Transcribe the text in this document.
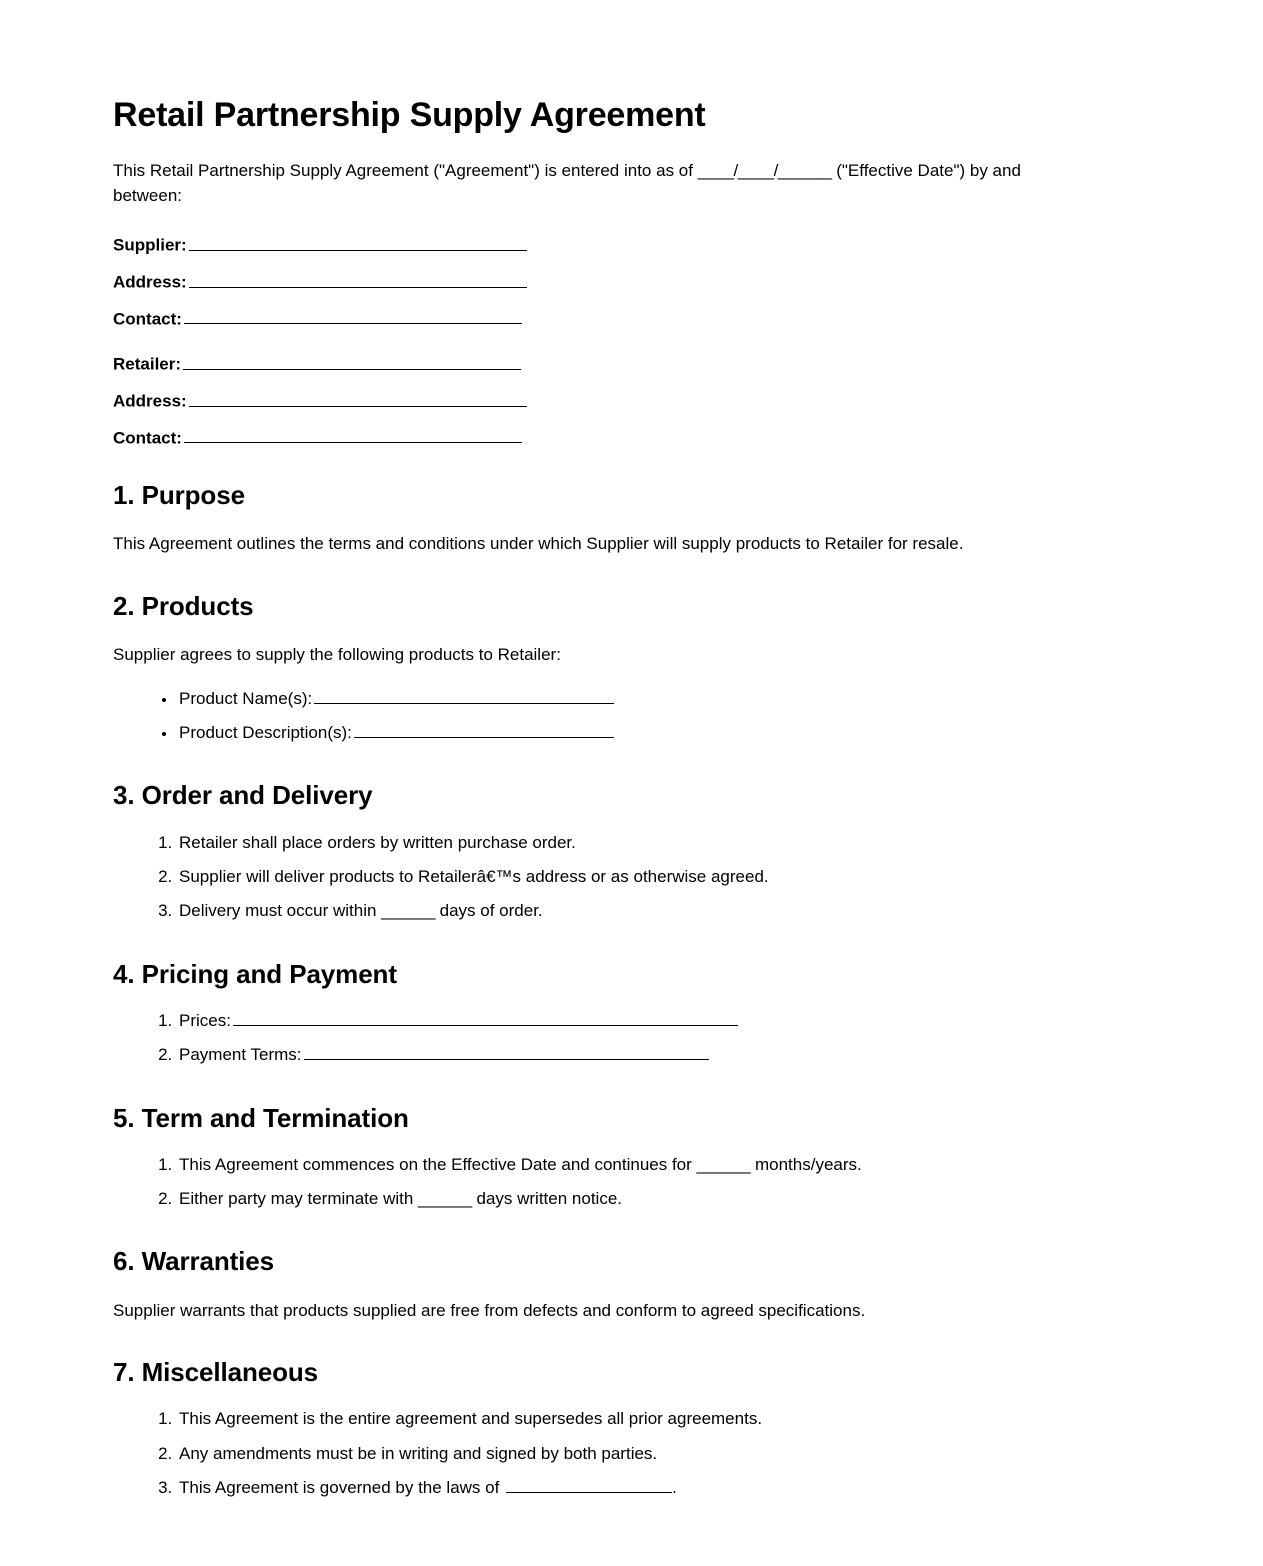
Retail Partnership Supply Agreement

This Retail Partnership Supply Agreement ("Agreement") is entered into as of ____/____/______ ("Effective Date") by and between:

Supplier:
Address:
Contact:
Retailer:
Address:
Contact:
1. Purpose

This Agreement outlines the terms and conditions under which Supplier will supply products to Retailer for resale.

2. Products

Supplier agrees to supply the following products to Retailer:

• Product Name(s):
• Product Description(s):
3. Order and Delivery
1. Retailer shall place orders by written purchase order.
2. Supplier will deliver products to Retailerâ€™s address or as otherwise agreed.
3. Delivery must occur within ______ days of order.
4. Pricing and Payment
1. Prices:
2. Payment Terms:
5. Term and Termination
1. This Agreement commences on the Effective Date and continues for ______ months/years.
2. Either party may terminate with ______ days written notice.
6. Warranties

Supplier warrants that products supplied are free from defects and conform to agreed specifications.

7. Miscellaneous
1. This Agreement is the entire agreement and supersedes all prior agreements.
2. Any amendments must be in writing and signed by both parties.
3. This Agreement is governed by the laws of	.
